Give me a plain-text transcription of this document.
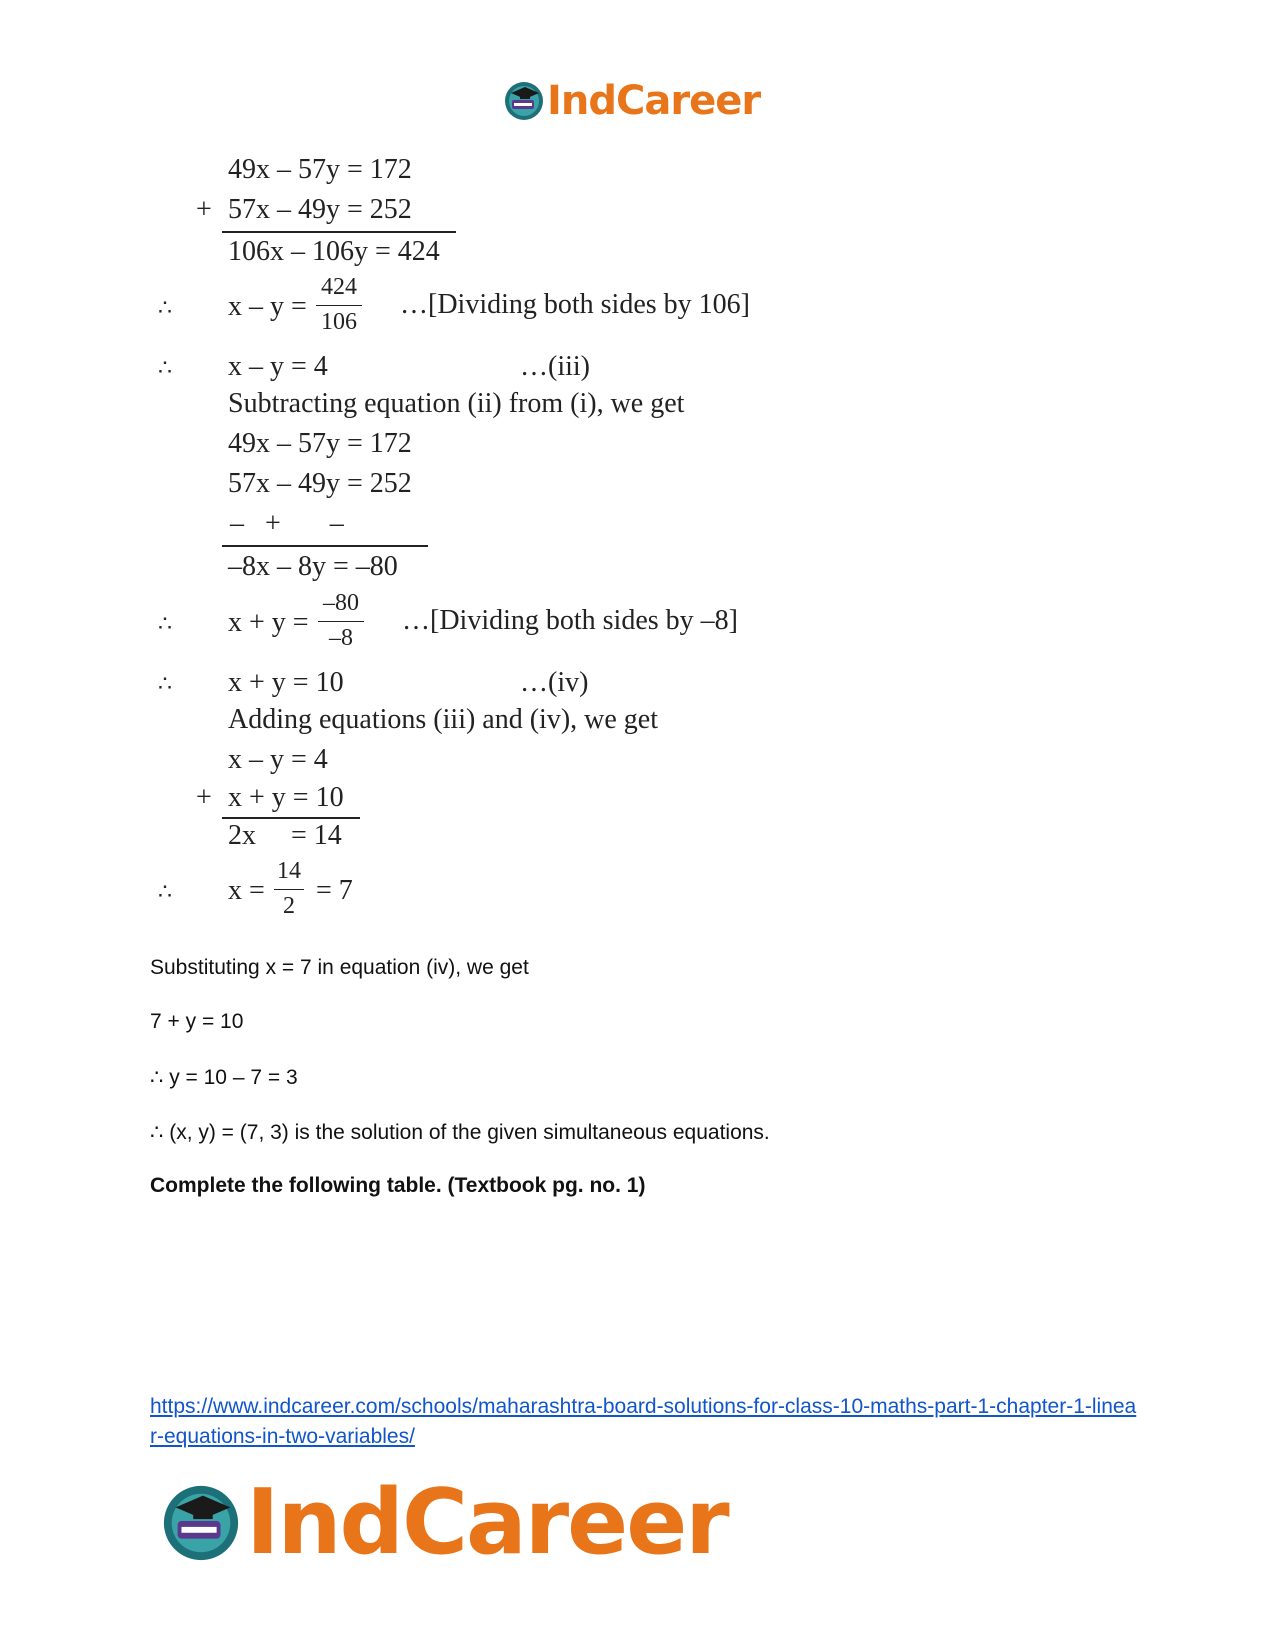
IndCareer
49x – 57y = 172
+ 57x – 49y = 252
106x – 106y = 424
∴ x – y =
424
106
…[Dividing both sides by 106]
∴ x – y = 4	…(iii)
Subtracting equation (ii) from (i), we get
49x – 57y = 172
57x – 49y = 252
–   +       –
–8x – 8y = –80
∴ x + y =
–80
–8
…[Dividing both sides by –8]
∴ x + y = 10	…(iv)
Adding equations (iii) and (iv), we get
x – y = 4
+ x + y = 10
2x     = 14
∴ x =
14
2 = 7
Substituting x = 7 in equation (iv), we get
7 + y = 10
∴ y = 10 – 7 = 3
∴ (x, y) = (7, 3) is the solution of the given simultaneous equations.
Complete the following table. (Textbook pg. no. 1)
https://www.indcareer.com/schools/maharashtra-board-solutions-for-class-10-maths-part-1-chapter-1-linear-equations-in-two-variables/
IndCareer
